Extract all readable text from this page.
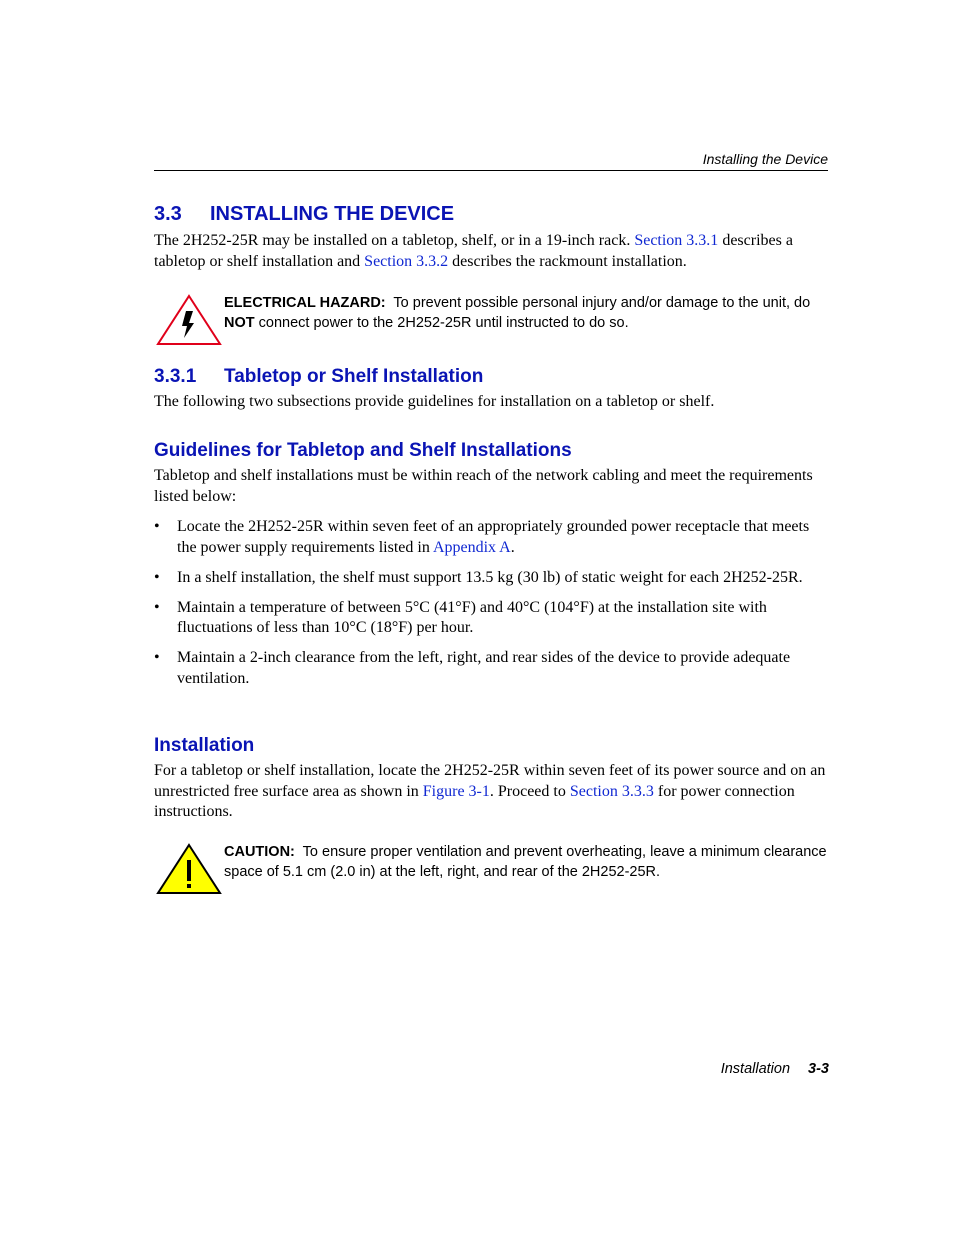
Installing the Device
3.3 INSTALLING THE DEVICE

The 2H252-25R may be installed on a tabletop, shelf, or in a 19-inch rack. Section 3.3.1 describes a tabletop or shelf installation and Section 3.3.2 describes the rackmount installation.

ELECTRICAL HAZARD:  To prevent possible personal injury and/or damage to the unit, do NOT connect power to the 2H252-25R until instructed to do so.
3.3.1 Tabletop or Shelf Installation

The following two subsections provide guidelines for installation on a tabletop or shelf.

Guidelines for Tabletop and Shelf Installations

Tabletop and shelf installations must be within reach of the network cabling and meet the requirements listed below:

• Locate the 2H252-25R within seven feet of an appropriately grounded power receptacle that meets the power supply requirements listed in Appendix A.
• In a shelf installation, the shelf must support 13.5 kg (30 lb) of static weight for each 2H252-25R.
• Maintain a temperature of between 5°C (41°F) and 40°C (104°F) at the installation site with fluctuations of less than 10°C (18°F) per hour.
• Maintain a 2-inch clearance from the left, right, and rear sides of the device to provide adequate ventilation.
Installation

For a tabletop or shelf installation, locate the 2H252-25R within seven feet of its power source and on an unrestricted free surface area as shown in Figure 3-1. Proceed to Section 3.3.3 for power connection instructions.

CAUTION:  To ensure proper ventilation and prevent overheating, leave a minimum clearance space of 5.1 cm (2.0 in) at the left, right, and rear of the 2H252-25R.
Installation 3-3
